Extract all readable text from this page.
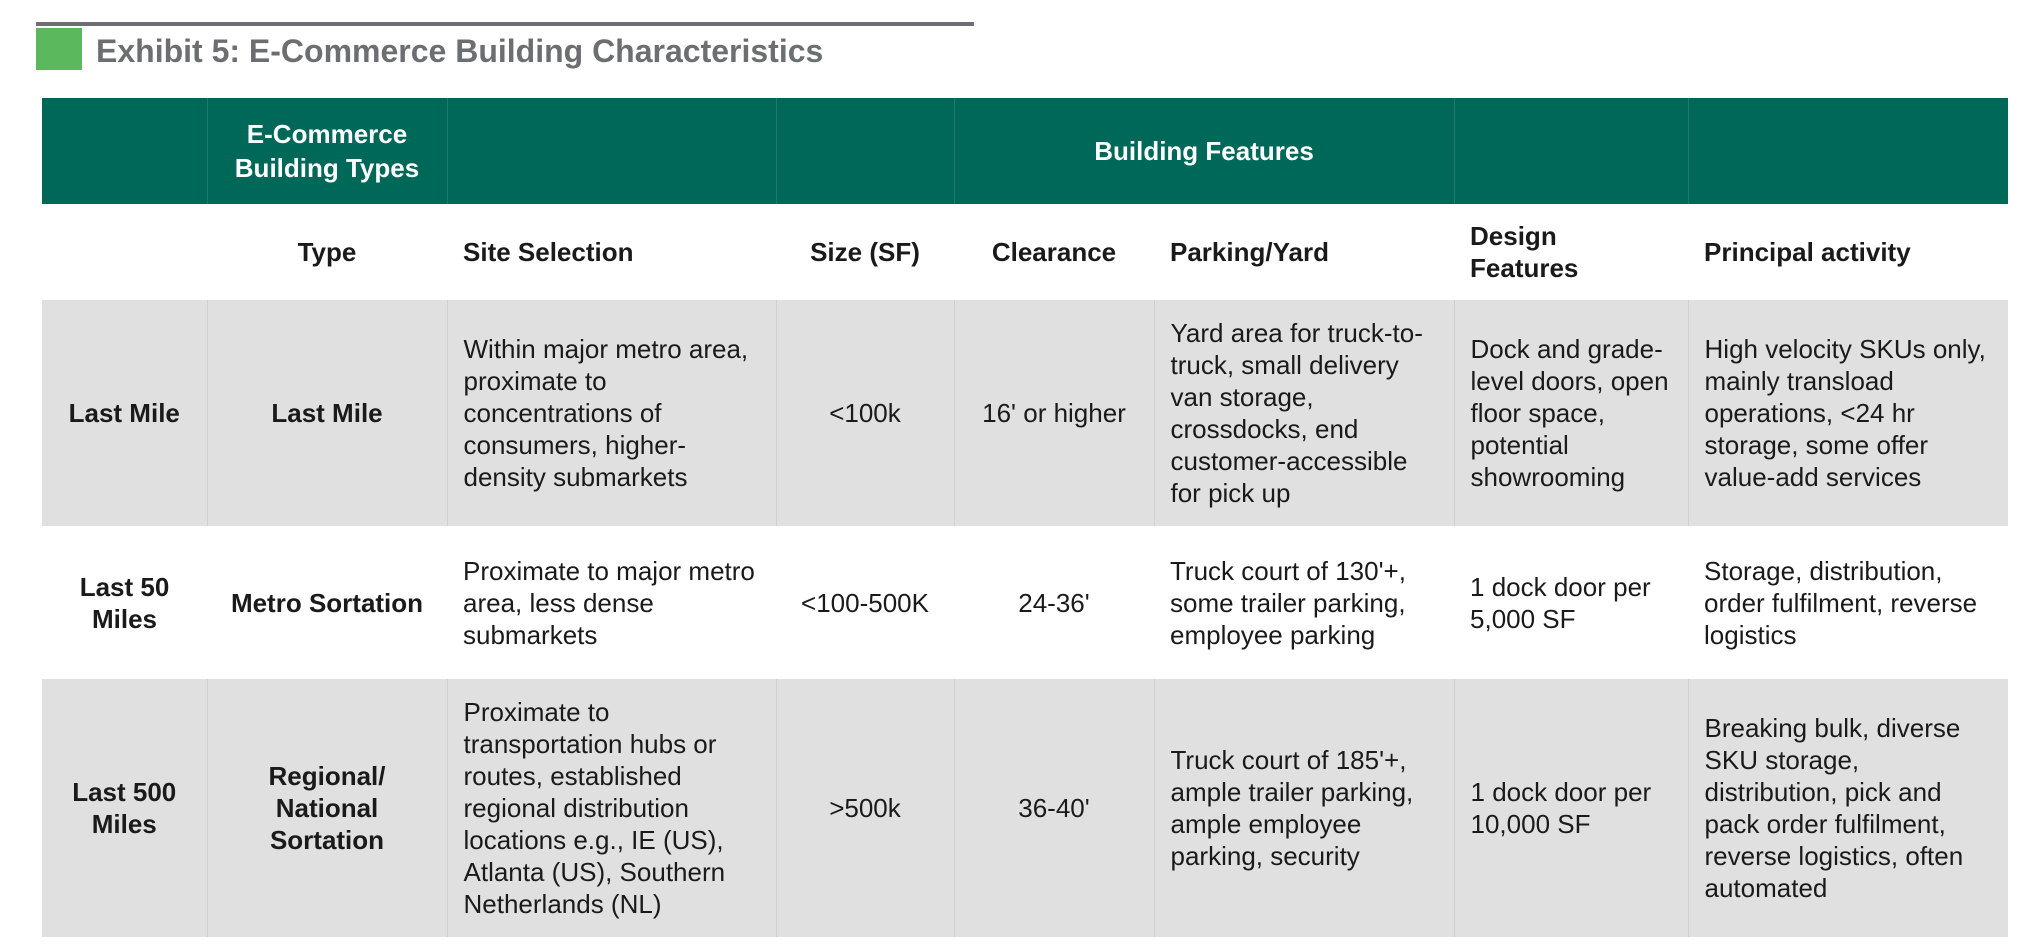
Exhibit 5: E-Commerce Building Characteristics
	E-Commerce Building Types			Building Features			
	Type	Site Selection	Size (SF)	Clearance	Parking/Yard	Design Features	Principal activity
Last Mile	Last Mile	Within major metro area, proximate to concentrations of consumers, higher-density submarkets	<100k	16' or higher	Yard area for truck-to-truck, small delivery van storage, crossdocks, end customer-accessible for pick up	Dock and grade-level doors, open floor space, potential showrooming	High velocity SKUs only, mainly transload operations, <24 hr storage, some offer value-add services
Last 50 Miles	Metro Sortation	Proximate to major metro area, less dense submarkets	<100-500K	24-36'	Truck court of 130'+, some trailer parking, employee parking	1 dock door per 5,000 SF	Storage, distribution, order fulfilment, reverse logistics
Last 500 Miles	Regional/ National Sortation	Proximate to transportation hubs or routes, established regional distribution locations e.g., IE (US), Atlanta (US), Southern Netherlands (NL)	>500k	36-40'	Truck court of 185'+, ample trailer parking, ample employee parking, security	1 dock door per 10,000 SF	Breaking bulk, diverse SKU storage, distribution, pick and pack order fulfilment, reverse logistics, often automated
